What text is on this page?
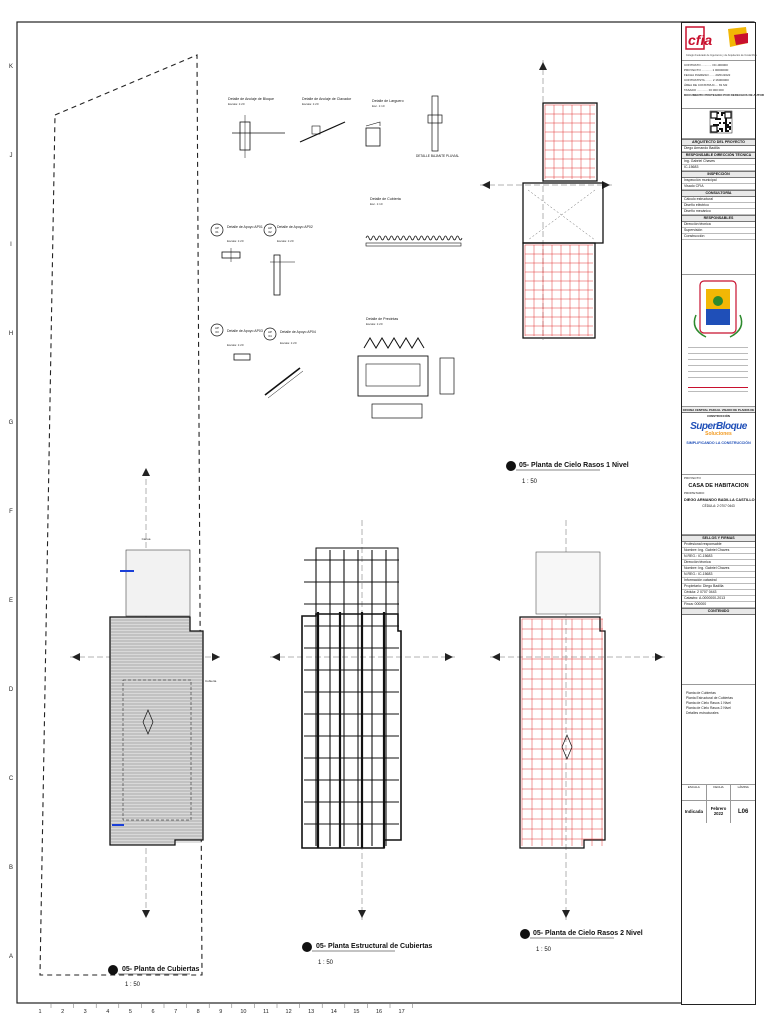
K
J
I
H
G
F
E
D
C
B
A
1	2	3	4	5	6	7	8	9	10	11	12	13	14	15	16	17
Canoa
Cubierta
05- Planta de Cubiertas
1 : 50
05- Planta Estructural de Cubiertas
1 : 50
05- Planta de Cielo Rasos 1 Nivel
1 : 50
05- Planta de Cielo Rasos 2 Nivel
1 : 50
Detalle de Anclaje de Bloque
Escala: 1:20
Detalle de Anclaje de Clavador
Escala: 1:20
Detalle de Larguero
Esc. 1:10
DETALLE BAJANTE PLUVIAL
Detalle de Cubierta
Esc. 1:10
AP
01
Detalle de Apoyo AP01
Escala: 1:20
AP
02
Detalle de Apoyo AP02
Escala: 1:20
AP
03 Detalle de Apoyo AP03
Escala: 1:20
AP
04
Detalle de Apoyo AP04
Escala: 1:20
Detalle de Precintas
Escala: 1:20
cfia
Colegio Federado de Ingenieros y de Arquitectos de Costa Rica
CONTRATO ............ OC-000000
PROYECTO ............ 1 00000000
FECHA INGRESO ...... 20/01/2022
CONTRATISTA ........ 2 16000000
ÁREA DE CONSTRUC.... 81 M2
TASADO ............. ¢0 000 000
DOCUMENTO PROTEGIDO POR DERECHOS DE AUTOR
ARQUITECTO DEL PROYECTO
Diego Armando Badilla
RESPONSABLE DIRECCIÓN TÉCNICA
Ing. Gabriel Chaves
IC-15683
INSPECCIÓN
Inspección municipal
Visado CFIA
CONSULTORÍA
Cálculo estructural
Diseño eléctrico
Diseño mecánico
RESPONSABLES
Dirección técnica
Supervisión
Construcción
OFICINA CENTRAL PARA EL VISADO DE PLANOS DE CONSTRUCCIÓN
SuperBloque
Soluciones
SIMPLIFICANDO LA CONSTRUCCIÓN
PROYECTO
CASA DE HABITACION
PROPIETARIO
DIEGO ARMANDO BADILLA CASTILLO
CÉDULA: 2 0707 0443
SELLOS Y FIRMAS
Profesional responsable
Nombre: Ing. Gabriel Chaves
N.REG.: IC-15683
Dirección técnica
Nombre: Ing. Gabriel Chaves
N.REG.: IC-15683
Información catastral
Propietario: Diego Badilla
Cédula: 2 0707 0443
Catastro: A-0000000-2013
Finca: 000000
CONTENIDO
Planta de Cubiertas
Planta Estructural de Cubiertas
Planta de Cielo Rasos 1 Nivel
Planta de Cielo Rasos 2 Nivel
Detalles estructurales
ESCALA	FECHA	LÁMINA
Indicada
Febrero 2022	L06
